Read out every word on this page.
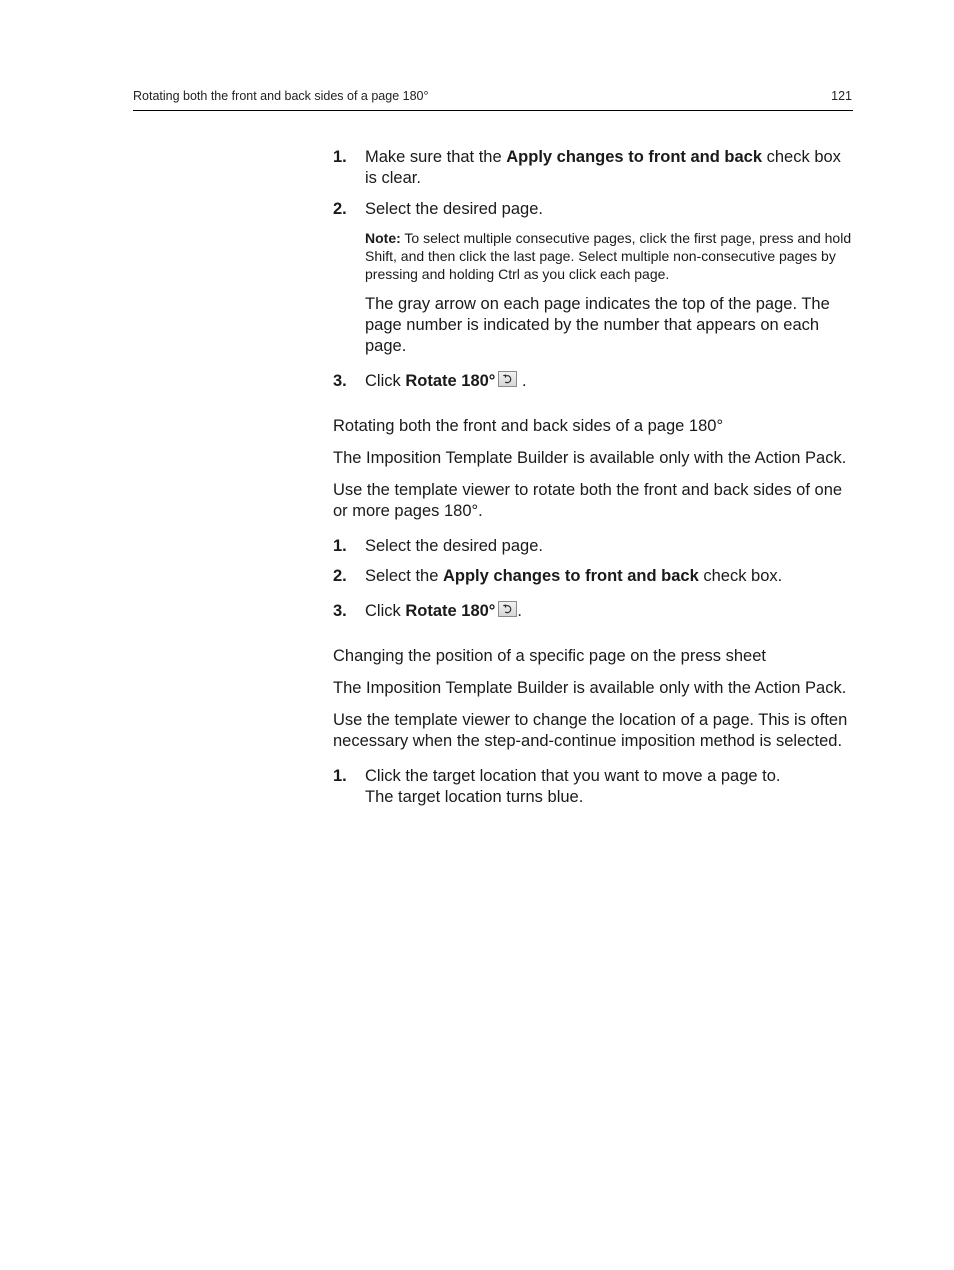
Rotating both the front and back sides of a page 180°	121
1. Make sure that the Apply changes to front and back check box is clear.
2. Select the desired page.
Note: To select multiple consecutive pages, click the first page, press and hold Shift, and then click the last page. Select multiple non-consecutive pages by pressing and holding Ctrl as you click each page.
The gray arrow on each page indicates the top of the page. The page number is indicated by the number that appears on each page.
3. Click Rotate 180°
.

Rotating both the front and back sides of a page 180°

The Imposition Template Builder is available only with the Action Pack.

Use the template viewer to rotate both the front and back sides of one or more pages 180°.

1. Select the desired page.
2. Select the Apply changes to front and back check box.
3. Click Rotate 180° .

Changing the position of a specific page on the press sheet

The Imposition Template Builder is available only with the Action Pack.

Use the template viewer to change the location of a page. This is often necessary when the step-and-continue imposition method is selected.

1. Click the target location that you want to move a page to.
The target location turns blue.
